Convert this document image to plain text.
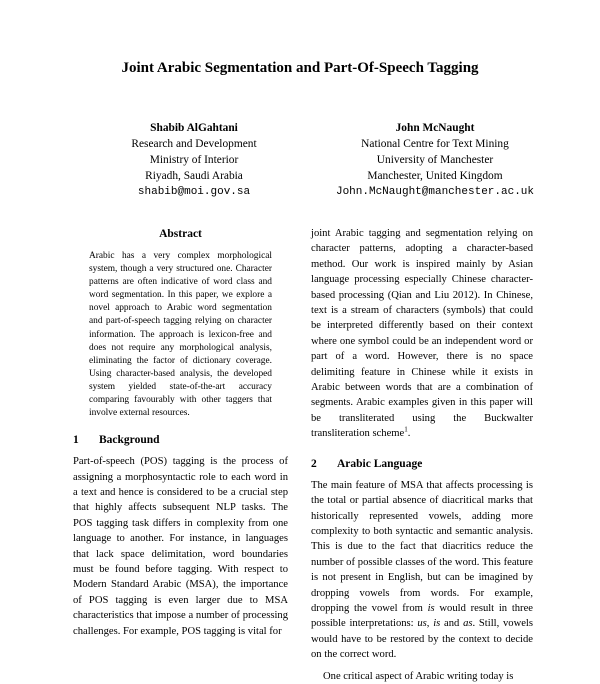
Joint Arabic Segmentation and Part-Of-Speech Tagging
Shabib AlGahtani
Research and Development
Ministry of Interior
Riyadh, Saudi Arabia
shabib@moi.gov.sa
John McNaught
National Centre for Text Mining
University of Manchester
Manchester, United Kingdom
John.McNaught@manchester.ac.uk
Abstract

Arabic has a very complex morphological system, though a very structured one. Character patterns are often indicative of word class and word segmentation. In this paper, we explore a novel approach to Arabic word segmentation and part-of-speech tagging relying on character information. The approach is lexicon-free and does not require any morphological analysis, eliminating the factor of dictionary coverage. Using character-based analysis, the developed system yielded state-of-the-art accuracy comparing favourably with other taggers that involve external resources.

1	Background

Part-of-speech (POS) tagging is the process of assigning a morphosyntactic role to each word in a text and hence is considered to be a crucial step that highly affects subsequent NLP tasks. The POS tagging task differs in complexity from one language to another. For instance, in languages that lack space delimitation, word boundaries must be found before tagging. With respect to Modern Standard Arabic (MSA), the importance of POS tagging is even larger due to MSA characteristics that impose a number of processing challenges. For example, POS tagging is vital for

joint Arabic tagging and segmentation relying on character patterns, adopting a character-based method. Our work is inspired mainly by Asian language processing especially Chinese character-based processing (Qian and Liu 2012). In Chinese, text is a stream of characters (symbols) that could be interpreted differently based on their context where one symbol could be an independent word or part of a word. However, there is no space delimiting feature in Chinese while it exists in Arabic between words that are a combination of segments. Arabic examples given in this paper will be transliterated using the Buckwalter transliteration scheme$^1$.

2	Arabic Language

The main feature of MSA that affects processing is the total or partial absence of diacritical marks that historically represented vowels, adding more complexity to both syntactic and semantic analysis. This is due to the fact that diacritics reduce the number of possible classes of the word. This feature is not present in English, but can be imagined by dropping vowels from words. For example, dropping the vowel from is would result in three possible interpretations: us, is and as. Still, vowels would have to be restored by the context to decide on the correct word.

One critical aspect of Arabic writing today is
